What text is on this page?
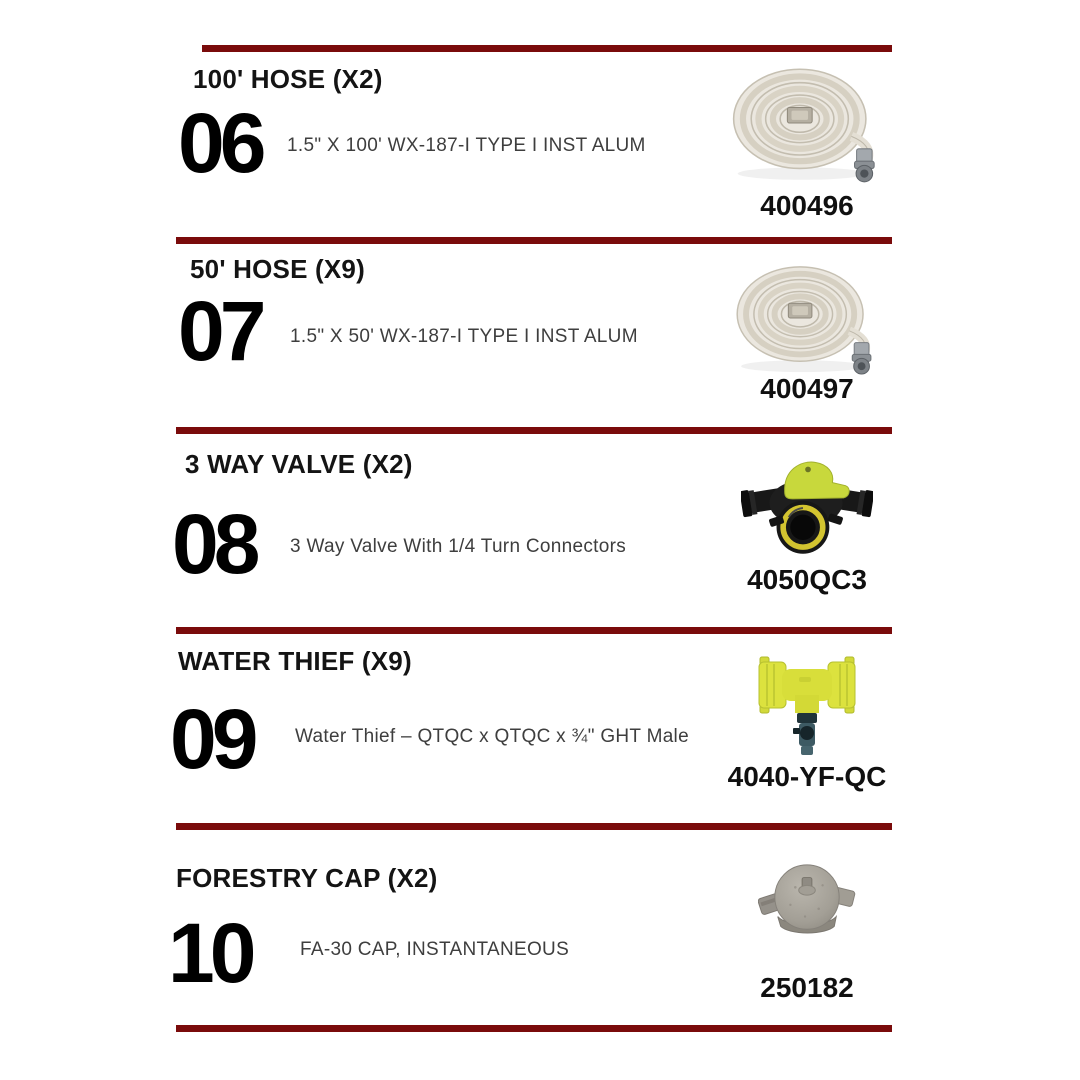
100' HOSE (X2)
06 1.5" X 100' WX-187-I TYPE I INST ALUM
400496
50' HOSE (X9)
07 1.5" X 50' WX-187-I TYPE I INST ALUM
400497
3 WAY VALVE (X2)
08 3 Way Valve With 1/4 Turn Connectors
4050QC3
WATER THIEF (X9)
09 Water Thief – QTQC x QTQC x ¾" GHT Male
4040-YF-QC
FORESTRY CAP (X2)
10	FA-30 CAP, INSTANTANEOUS
250182
